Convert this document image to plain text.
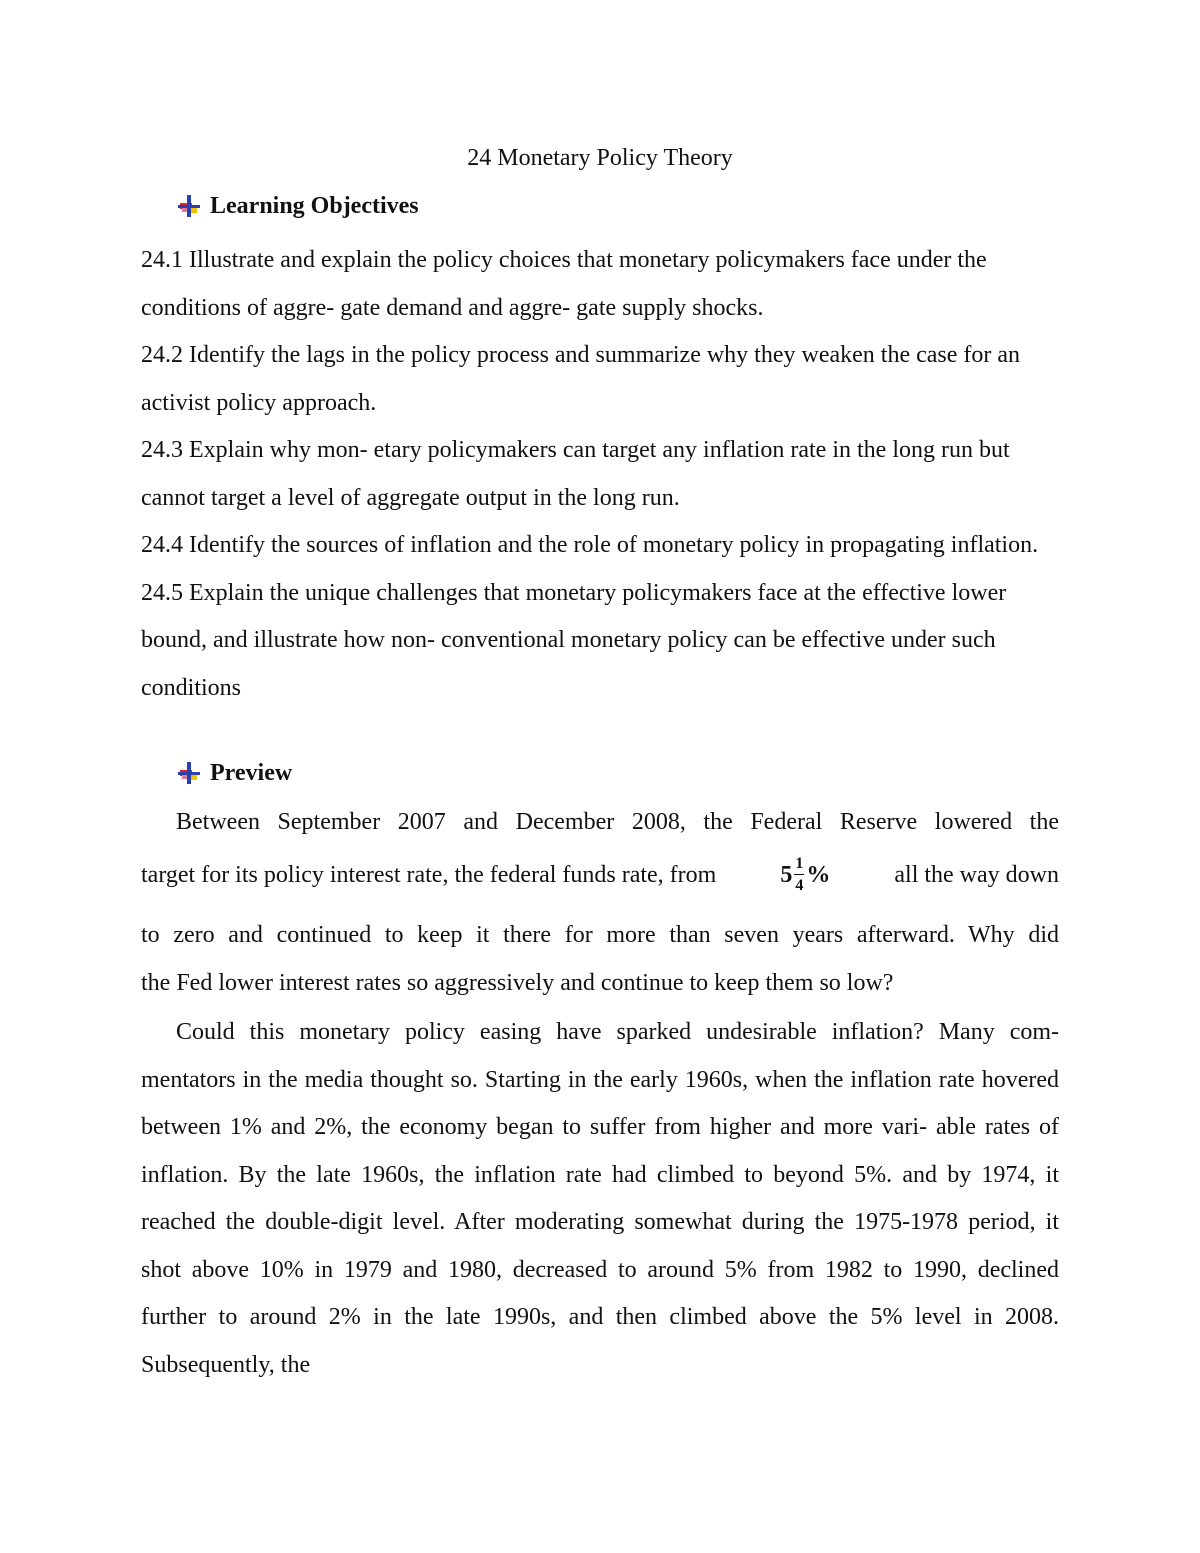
24 Monetary Policy Theory
Learning Objectives

24.1 Illustrate and explain the policy choices that monetary policymakers face under the conditions of aggre- gate demand and aggre- gate supply shocks.

24.2 Identify the lags in the policy process and summarize why they weaken the case for an activist policy approach.

24.3 Explain why mon- etary policymakers can target any inflation rate in the long run but cannot target a level of aggregate output in the long run.

24.4 Identify the sources of inflation and the role of monetary policy in propagating inflation.

24.5 Explain the unique challenges that monetary policymakers face at the effective lower bound, and illustrate how non- conventional monetary policy can be effective under such conditions

Preview
Between September 2007 and December 2008, the Federal Reserve lowered the
target for its policy interest rate, the federal funds rate, from	$5 \frac{1}{4}$ %	all the way down
to zero and continued to keep it there for more than seven years afterward. Why did
the Fed lower interest rates so aggressively and continue to keep them so low?

Could this monetary policy easing have sparked undesirable inflation? Many com- mentators in the media thought so. Starting in the early 1960s, when the inflation rate hovered between 1% and 2%, the economy began to suffer from higher and more vari- able rates of inflation. By the late 1960s, the inflation rate had climbed to beyond 5%. and by 1974, it reached the double-digit level. After moderating somewhat during the 1975-1978 period, it shot above 10% in 1979 and 1980, decreased to around 5% from 1982 to 1990, declined further to around 2% in the late 1990s, and then climbed above the 5% level in 2008. Subsequently, the
